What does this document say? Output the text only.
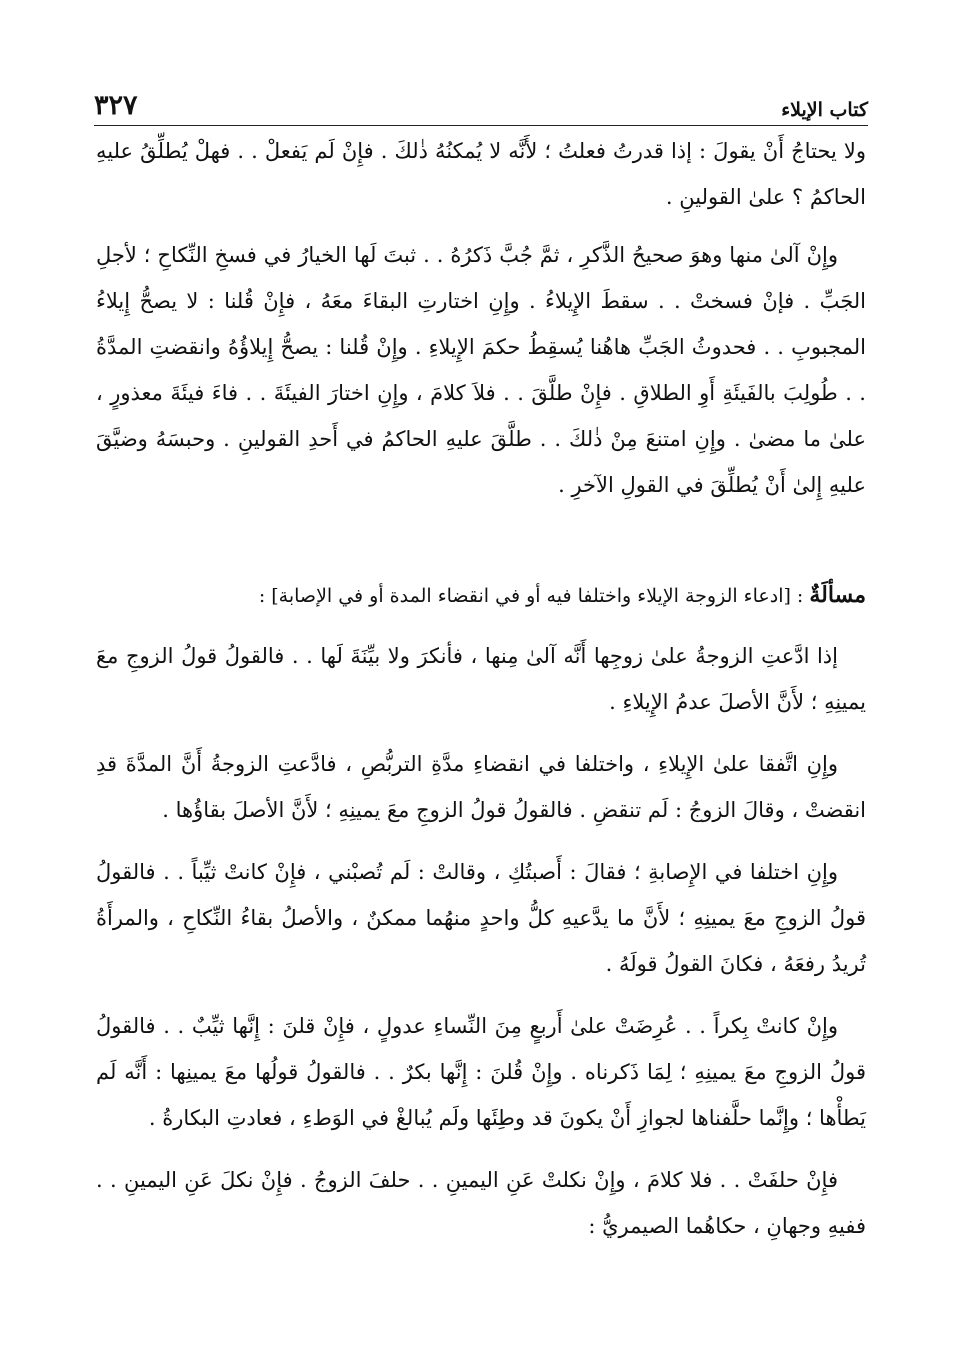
كتاب الإيلاء
٣٢٧

ولا يحتاجُ أَنْ يقولَ : إذا قدرتُ فعلتُ ؛ لأَنَّه لا يُمكنُهُ ذٰلكَ . فإِنْ لَم يَفعلْ . . فهلْ يُطلِّقُ عليهِ الحاكمُ ؟ علىٰ القولينِ .

وإِنْ آلىٰ منها وهوَ صحيحُ الذَّكرِ ، ثمَّ جُبَّ ذَكرُهُ . . ثبتَ لَها الخيارُ في فسخِ النِّكاحِ ؛ لأجلِ الجَبِّ . فإنْ فسختْ . . سقطَ الإِيلاءُ . وإِنِ اختارتِ البقاءَ معَهُ ، فإِنْ قُلنا : لا يصحُّ إِيلاءُ المجبوبِ . . فحدوثُ الجَبِّ هاهُنا يُسقِطُ حكمَ الإِيلاءِ . وإِنْ قُلنا : يصحُّ إِيلاؤُهُ وانقضتِ المدَّةُ . . طُولِبَ بالفَيئَةِ أَوِ الطلاقِ . فإِنْ طلَّقَ . . فلاَ كلامَ ، وإِنِ اختارَ الفيئَةَ . . فاءَ فيئَةَ معذورٍ ، علىٰ ما مضىٰ . وإِنِ امتنعَ مِنْ ذٰلكَ . . طلَّقَ عليهِ الحاكمُ في أَحدِ القولينِ . وحبسَهُ وضيَّقَ عليهِ إِلىٰ أَنْ يُطلِّقَ في القولِ الآخرِ .

مسألَةٌ : [ادعاء الزوجة الإيلاء واختلفا فيه أو في انقضاء المدة أو في الإصابة] :

إذا ادَّعتِ الزوجةُ علىٰ زوجِها أَنَّه آلىٰ مِنها ، فأنكرَ ولا بيِّنَةَ لَها . . فالقولُ قولُ الزوجِ معَ يمينِهِ ؛ لأَنَّ الأصلَ عدمُ الإِيلاءِ .

وإِنِ اتَّفقا علىٰ الإِيلاءِ ، واختلفا في انقضاءِ مدَّةِ التربُّصِ ، فادَّعتِ الزوجةُ أَنَّ المدَّةَ قدِ انقضتْ ، وقالَ الزوجُ : لَم تنقضِ . فالقولُ قولُ الزوجِ معَ يمينِهِ ؛ لأَنَّ الأصلَ بقاؤُها .

وإِنِ اختلفا في الإِصابةِ ؛ فقالَ : أَصبتُكِ ، وقالتْ : لَم تُصبْني ، فإِنْ كانتْ ثيِّباً . . فالقولُ قولُ الزوجِ معَ يمينِهِ ؛ لأَنَّ ما يدَّعيهِ كلُّ واحدٍ منهُما ممكنٌ ، والأصلُ بقاءُ النِّكاحِ ، والمرأَةُ تُريدُ رفعَهُ ، فكانَ القولُ قولَهُ .

وإِنْ كانتْ بِكراً . . عُرِضَتْ علىٰ أَربعٍ مِنَ النِّساءِ عدولٍ ، فإِنْ قلنَ : إِنَّها ثيِّبٌ . . فالقولُ قولُ الزوجِ معَ يمينِهِ ؛ لِمَا ذَكرناه . وإِنْ قُلنَ : إِنَّها بكرٌ . . فالقولُ قولُها معَ يمينِها : أَنَّه لَم يَطأْها ؛ وإِنَّما حلَّفناها لجوازِ أَنْ يكونَ قد وطِئَها ولَم يُبالغْ في الوَطءِ ، فعادتِ البكارةُ .

فإِنْ حلفَتْ . . فلا كلامَ ، وإِنْ نكلتْ عَنِ اليمينِ . . حلفَ الزوجُ . فإِنْ نكلَ عَنِ اليمينِ . . ففيهِ وجهانِ ، حكاهُما الصيمريُّ :
